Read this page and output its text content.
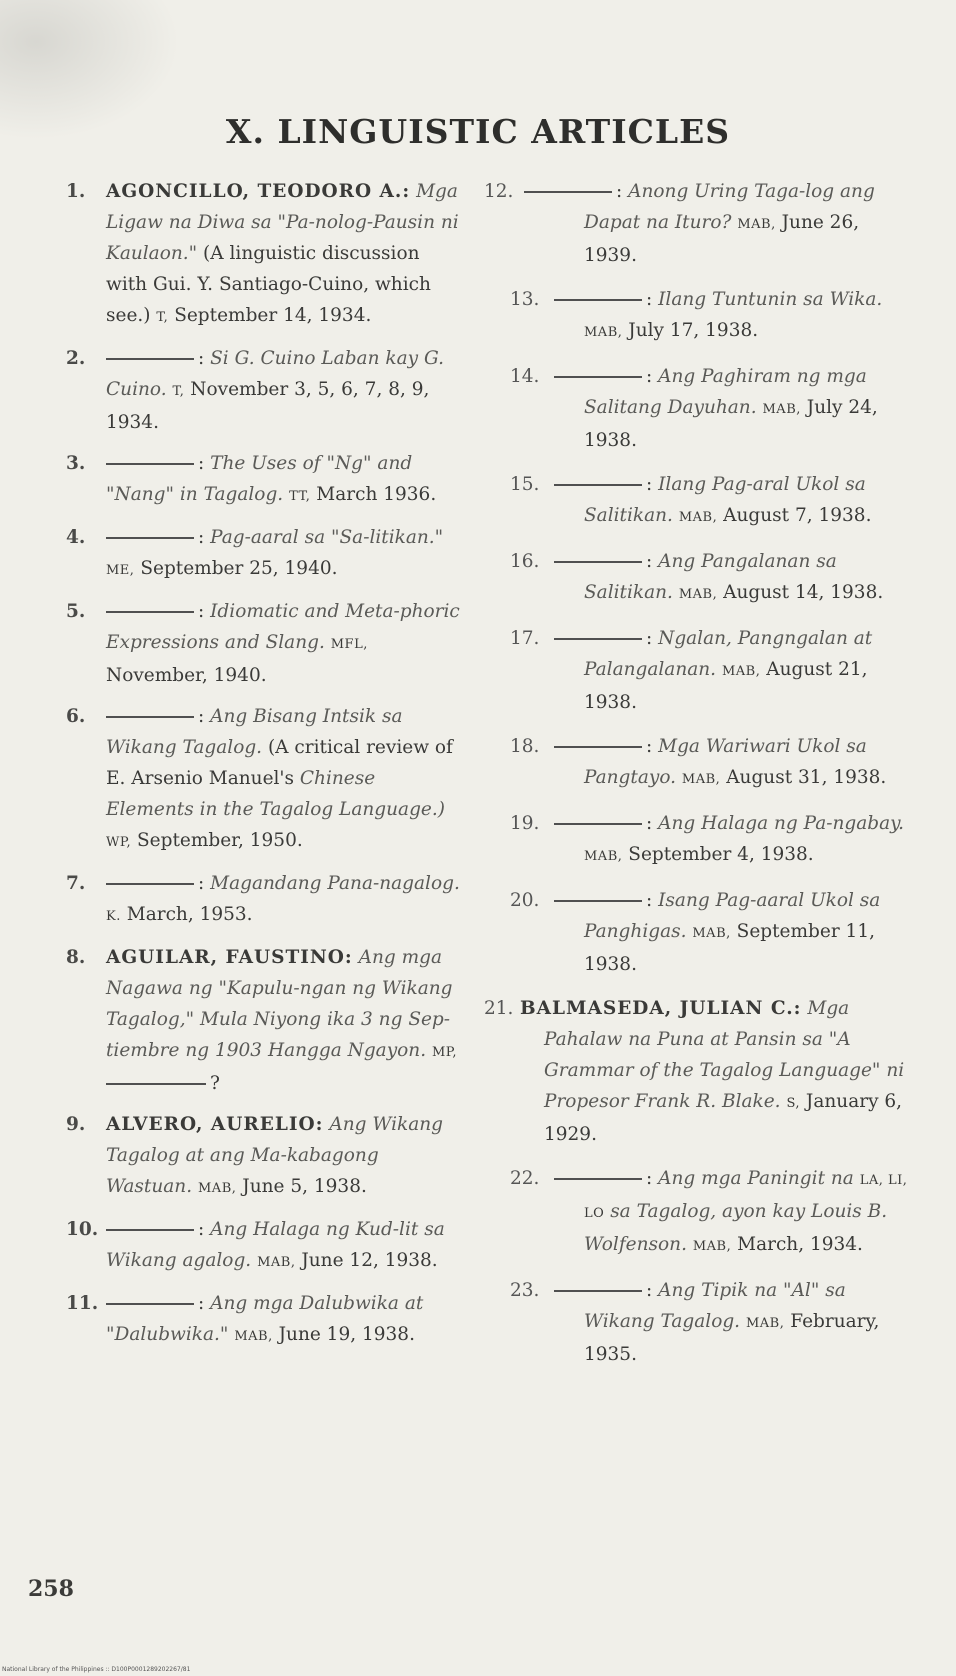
X. LINGUISTIC ARTICLES
1. AGONCILLO, TEODORO A.: Mga Ligaw na Diwa sa "Pa-nolog-Pausin ni Kaulaon." (A linguistic discussion with Gui. Y. Santiago-Cuino, which see.) T, September 14, 1934.
2.	: Si G. Cuino Laban kay G. Cuino. T, November 3, 5, 6, 7, 8, 9, 1934.
3.	: The Uses of "Ng" and "Nang" in Tagalog. TT, March 1936.
4.	: Pag-aaral sa "Sa-litikan." ME, September 25, 1940.
5.	: Idiomatic and Meta-phoric Expressions and Slang. MFL, November, 1940.
6.	: Ang Bisang Intsik sa Wikang Tagalog. (A critical review of E. Arsenio Manuel's Chinese Elements in the Tagalog Language.) WP, September, 1950.
7.	: Magandang Pana-nagalog. K. March, 1953.
8. AGUILAR, FAUSTINO: Ang mga Nagawa ng "Kapulu-ngan ng Wikang Tagalog," Mula Niyong ika 3 ng Sep-tiembre ng 1903 Hangga Ngayon. MP, ?
9. ALVERO, AURELIO: Ang Wikang Tagalog at ang Ma-kabagong Wastuan. MAB, June 5, 1938.
10.	: Ang Halaga ng Kud-lit sa Wikang agalog. MAB, June 12, 1938.
11.	: Ang mga Dalubwika at "Dalubwika." MAB, June 19, 1938.
12.	: Anong Uring Taga-log ang Dapat na Ituro? MAB, June 26, 1939.
13.	: Ilang Tuntunin sa Wika. MAB, July 17, 1938.
14.	: Ang Paghiram ng mga Salitang Dayuhan. MAB, July 24, 1938.
15.	: Ilang Pag-aral Ukol sa Salitikan. MAB, August 7, 1938.
16.	: Ang Pangalanan sa Salitikan. MAB, August 14, 1938.
17.	: Ngalan, Pangngalan at Palangalanan. MAB, August 21, 1938.
18.	: Mga Wariwari Ukol sa Pangtayo. MAB, August 31, 1938.
19.	: Ang Halaga ng Pa-ngabay. MAB, September 4, 1938.
20.	: Isang Pag-aaral Ukol sa Panghigas. MAB, September 11, 1938.
21. BALMASEDA, JULIAN C.: Mga Pahalaw na Puna at Pansin sa "A Grammar of the Tagalog Language" ni Propesor Frank R. Blake. S, January 6, 1929.
22.	: Ang mga Paningit na LA, LI, LO sa Tagalog, ayon kay Louis B. Wolfenson. MAB, March, 1934.
23.	: Ang Tipik na "Al" sa Wikang Tagalog. MAB, February, 1935.
258
National Library of the Philippines :: D100P0001289202267/81
